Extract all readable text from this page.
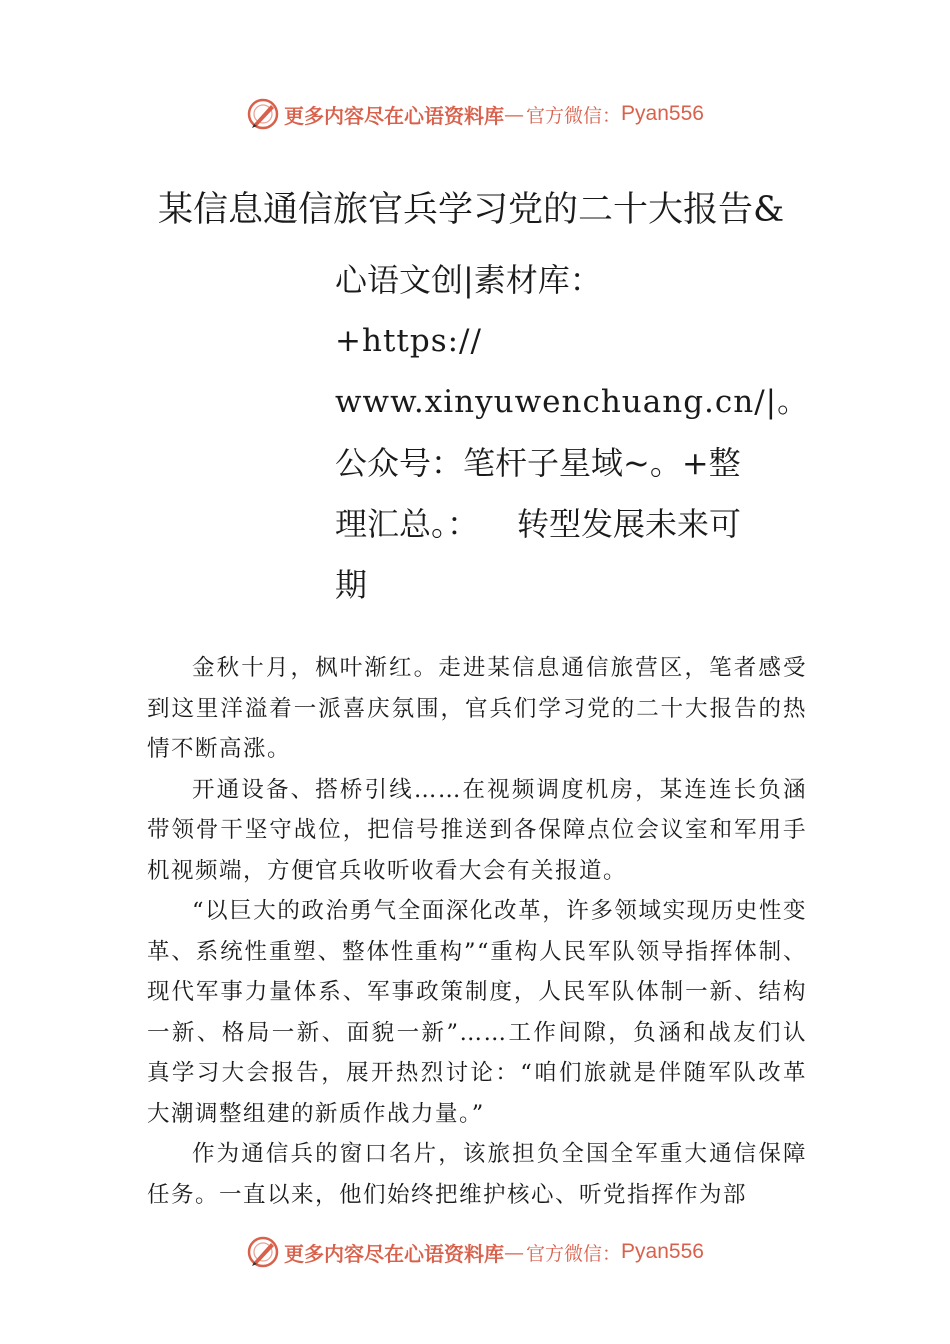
更多内容尽在心语资料库 — 官方微信： Pyan556
某信息通信旅官兵学习党的二十大报告&
心语文创|素材库：
+https://
www.xinyuwenchuang.cn/|。
公众号：笔杆子星域~。+整
理汇总。： 转型发展未来可
期

金秋十月，枫叶渐红。走进某信息通信旅营区，笔者感受到这里洋溢着一派喜庆氛围，官兵们学习党的二十大报告的热情不断高涨。

开通设备、搭桥引线……在视频调度机房，某连连长负涵带领骨干坚守战位，把信号推送到各保障点位会议室和军用手机视频端，方便官兵收听收看大会有关报道。

“以巨大的政治勇气全面深化改革，许多领域实现历史性变革、系统性重塑、整体性重构”“重构人民军队领导指挥体制、现代军事力量体系、军事政策制度，人民军队体制一新、结构一新、格局一新、面貌一新”……工作间隙，负涵和战友们认真学习大会报告，展开热烈讨论：“咱们旅就是伴随军队改革大潮调整组建的新质作战力量。”

作为通信兵的窗口名片，该旅担负全国全军重大通信保障任务。一直以来，他们始终把维护核心、听党指挥作为部

更多内容尽在心语资料库 — 官方微信： Pyan556
